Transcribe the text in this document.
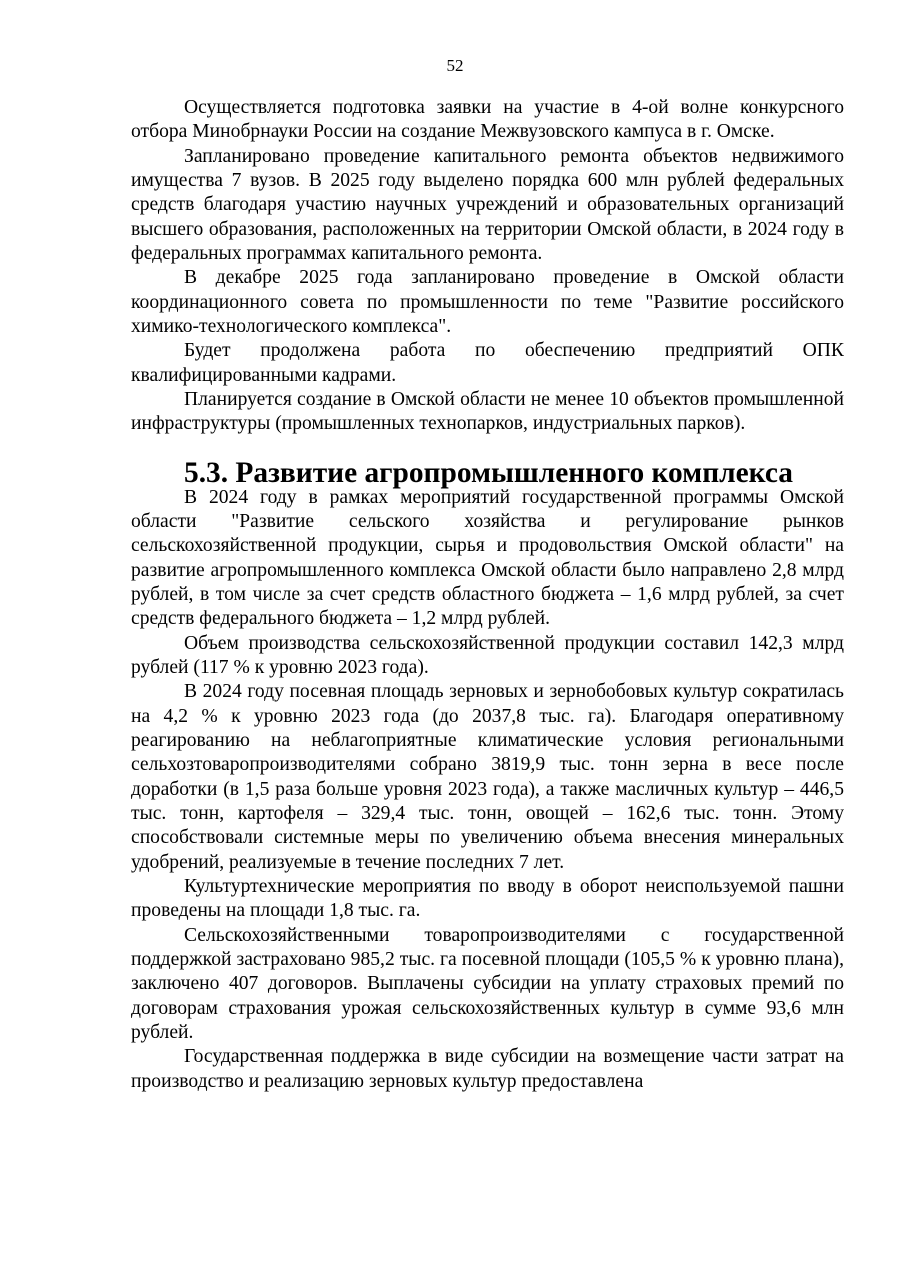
52

Осуществляется подготовка заявки на участие в 4-ой волне конкурсного отбора Минобрнауки России на создание Межвузовского кампуса в г. Омске.

Запланировано проведение капитального ремонта объектов недвижимого имущества 7 вузов. В 2025 году выделено порядка 600 млн рублей федеральных средств благодаря участию научных учреждений и образовательных организаций высшего образования, расположенных на территории Омской области, в 2024 году в федеральных программах капитального ремонта.

В декабре 2025 года запланировано проведение в Омской области координационного совета по промышленности по теме "Развитие российского химико-технологического комплекса".

Будет продолжена работа по обеспечению предприятий ОПК квалифицированными кадрами.

Планируется создание в Омской области не менее 10 объектов промышленной инфраструктуры (промышленных технопарков, индустриальных парков).

5.3. Развитие агропромышленного комплекса

В 2024 году в рамках мероприятий государственной программы Омской области "Развитие сельского хозяйства и регулирование рынков сельскохозяйственной продукции, сырья и продовольствия Омской области" на развитие агропромышленного комплекса Омской области было направлено 2,8 млрд рублей, в том числе за счет средств областного бюджета – 1,6 млрд рублей, за счет средств федерального бюджета – 1,2 млрд рублей.

Объем производства сельскохозяйственной продукции составил 142,3 млрд рублей (117 % к уровню 2023 года).

В 2024 году посевная площадь зерновых и зернобобовых культур сократилась на 4,2 % к уровню 2023 года (до 2037,8 тыс. га). Благодаря оперативному реагированию на неблагоприятные климатические условия региональными сельхозтоваропроизводителями собрано 3819,9 тыс. тонн зерна в весе после доработки (в 1,5 раза больше уровня 2023 года), а также масличных культур – 446,5 тыс. тонн, картофеля – 329,4 тыс. тонн, овощей – 162,6 тыс. тонн. Этому способствовали системные меры по увеличению объема внесения минеральных удобрений, реализуемые в течение последних 7 лет.

Культуртехнические мероприятия по вводу в оборот неиспользуемой пашни проведены на площади 1,8 тыс. га.

Сельскохозяйственными товаропроизводителями с государственной поддержкой застраховано 985,2 тыс. га посевной площади (105,5 % к уровню плана), заключено 407 договоров. Выплачены субсидии на уплату страховых премий по договорам страхования урожая сельскохозяйственных культур в сумме 93,6 млн рублей.

Государственная поддержка в виде субсидии на возмещение части затрат на производство и реализацию зерновых культур предоставлена
